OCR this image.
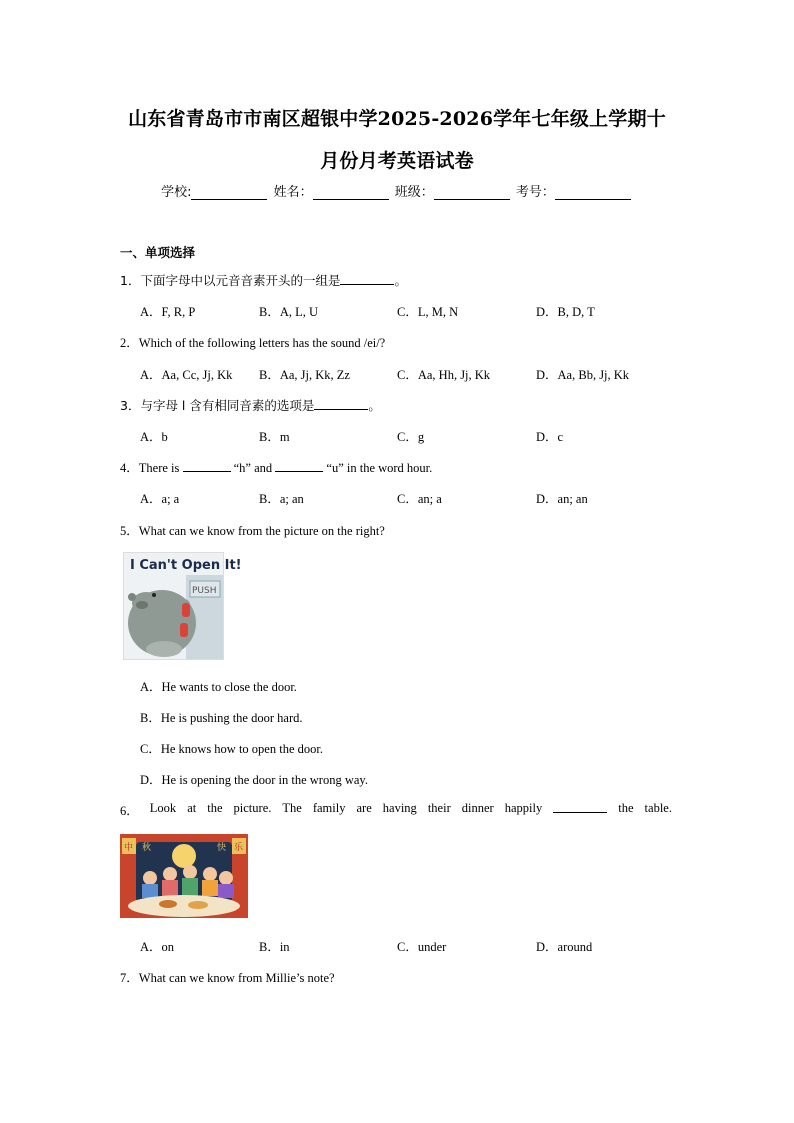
山东省青岛市市南区超银中学2025-2026学年七年级上学期十
月份月考英语试卷
学校:	姓名：	班级：	考号：
一、单项选择
1．下面字母中以元音音素开头的一组是	。
A．F, R, P	B．A, L, U	C．L, M, N	D．B, D, T
2．Which of the following letters has the sound /ei/?
A．Aa, Cc, Jj, Kk B．Aa, Jj, Kk, Zz	C．Aa, Hh, Jj, Kk	D．Aa, Bb, Jj, Kk
3．与字母 l 含有相同音素的选项是	。
A．b	B．m	C．g	D．c
4．There is	“h” and	“u” in the word hour.
A．a; a	B．a; an	C．an; a	D．an; an
5．What can we know from the picture on the right?
I Can't Open It!
PUSH
A．He wants to close the door.
B．He is pushing the door hard.
C．He knows how to open the door.
D．He is opening the door in the wrong way.
6． Look at the picture. The family are having their dinner happily	the table.
中 秋	快 乐
A．on	B．in	C．under	D．around
7．What can we know from Millie’s note?
